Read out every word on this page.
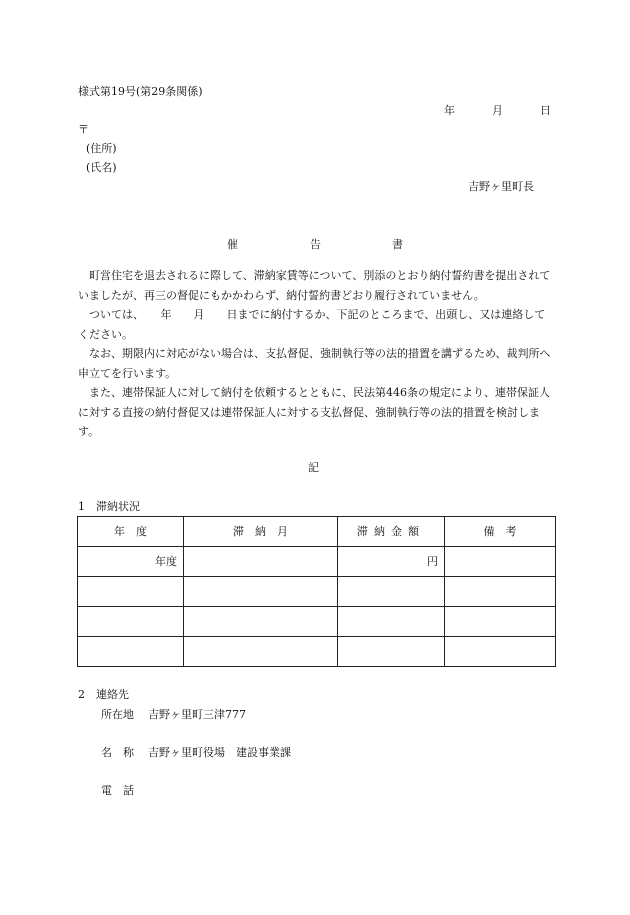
様式第19号(第29条関係)
年	月	日
〒
(住所)
(氏名)
吉野ヶ里町長
催	告	書
町営住宅を退去されるに際して、滞納家賃等について、別添のとおり納付誓約書を提出されていましたが、再三の督促にもかかわらず、納付誓約書どおり履行されていません。
ついては、　　年　　月　　日までに納付するか、下記のところまで、出頭し、又は連絡してください。
なお、期限内に対応がない場合は、支払督促、強制執行等の法的措置を講ずるため、裁判所へ申立てを行います。
また、連帯保証人に対して納付を依頼するとともに、民法第446条の規定により、連帯保証人に対する直接の納付督促又は連帯保証人に対する支払督促、強制執行等の法的措置を検討します。
記
1　滞納状況
年　度	滞　納　月	滞納金額	備　考
年度		円	

2　連絡先
所在地 吉野ヶ里町三津777
名　称 吉野ヶ里町役場　建設事業課
電　話
